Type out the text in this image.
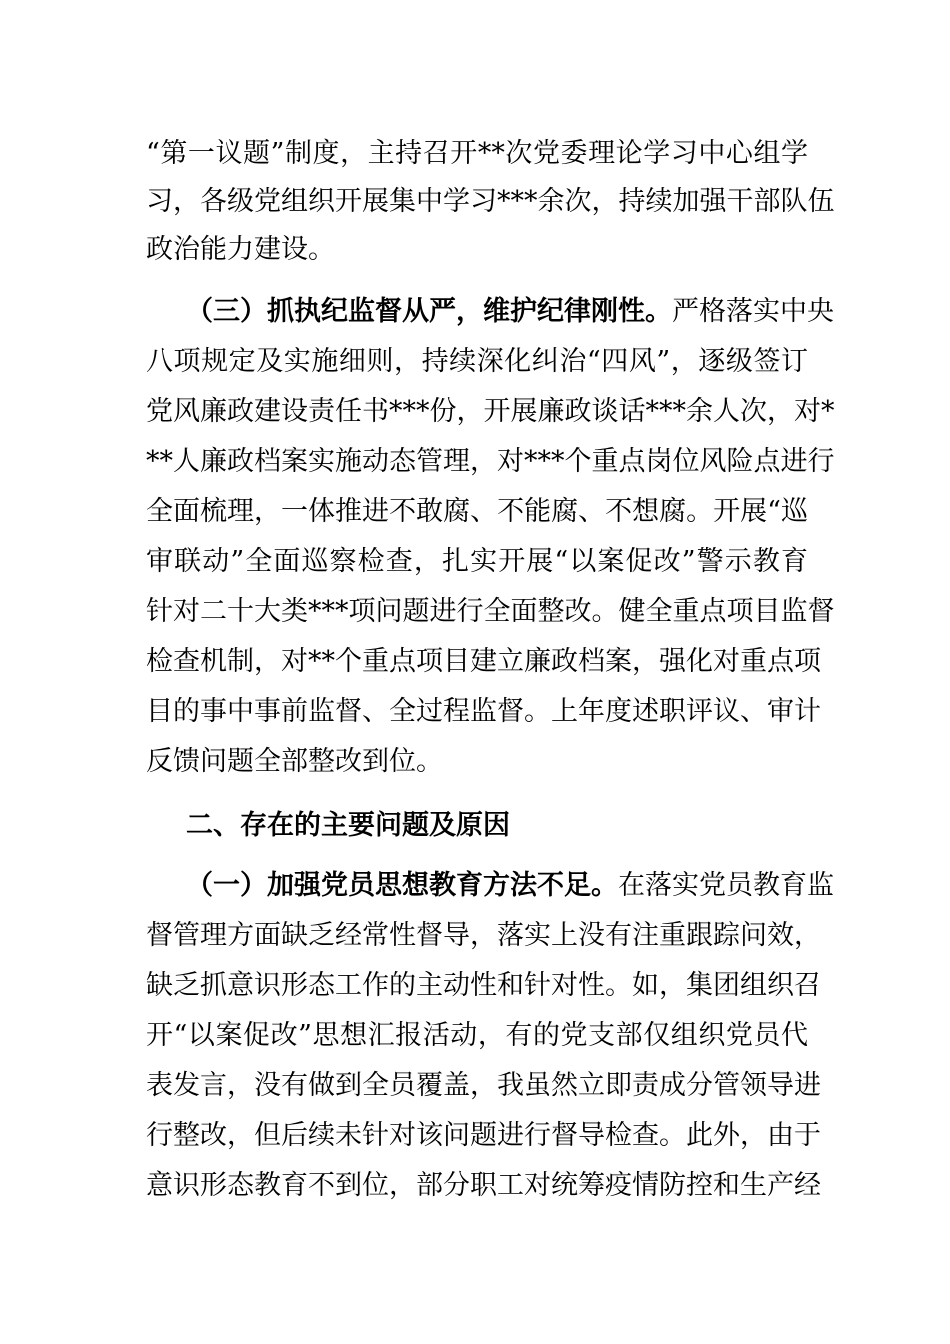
“第一议题”制度，主持召开**次党委理论学习中心组学
习，各级党组织开展集中学习***余次，持续加强干部队伍
政治能力建设。
（三）抓执纪监督从严，维护纪律刚性。严格落实中央
八项规定及实施细则，持续深化纠治“四风”，逐级签订
党风廉政建设责任书***份，开展廉政谈话***余人次，对*
**人廉政档案实施动态管理，对***个重点岗位风险点进行
全面梳理，一体推进不敢腐、不能腐、不想腐。开展“巡
审联动”全面巡察检查，扎实开展“以案促改”警示教育
针对二十大类***项问题进行全面整改。健全重点项目监督
检查机制，对**个重点项目建立廉政档案，强化对重点项
目的事中事前监督、全过程监督。上年度述职评议、审计
反馈问题全部整改到位。
二、存在的主要问题及原因
（一）加强党员思想教育方法不足。在落实党员教育监
督管理方面缺乏经常性督导，落实上没有注重跟踪问效，
缺乏抓意识形态工作的主动性和针对性。如，集团组织召
开“以案促改”思想汇报活动，有的党支部仅组织党员代
表发言，没有做到全员覆盖，我虽然立即责成分管领导进
行整改，但后续未针对该问题进行督导检查。此外，由于
意识形态教育不到位，部分职工对统筹疫情防控和生产经
